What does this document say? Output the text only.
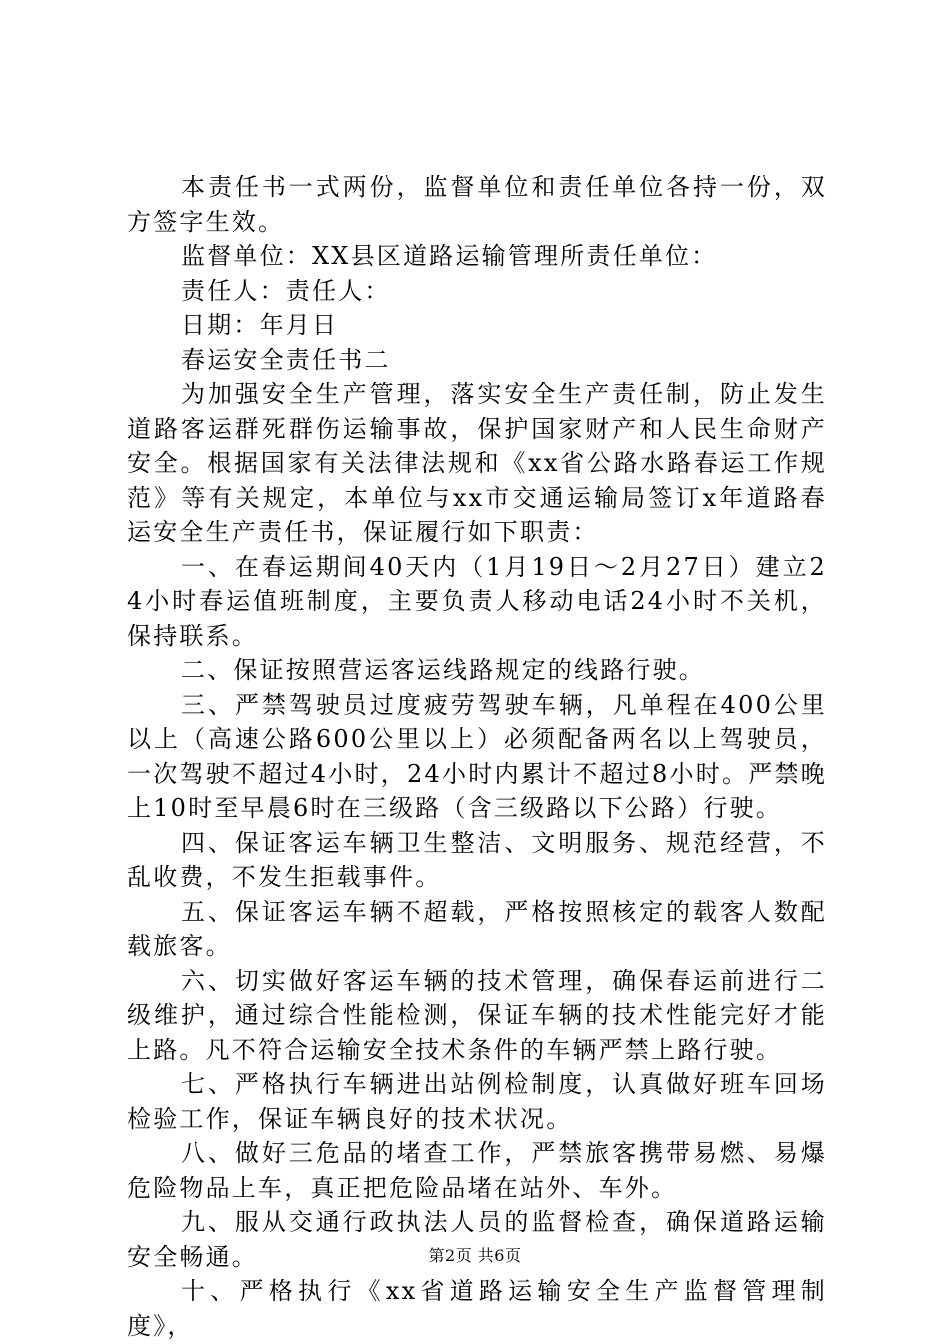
本责任书一式两份，监督单位和责任单位各持一份，双方签字生效。

监督单位：XX县区道路运输管理所责任单位：

责任人：责任人：

日期：年月日

春运安全责任书二

为加强安全生产管理，落实安全生产责任制，防止发生道路客运群死群伤运输事故，保护国家财产和人民生命财产安全。根据国家有关法律法规和《xx省公路水路春运工作规范》等有关规定，本单位与xx市交通运输局签订x年道路春运安全生产责任书，保证履行如下职责：

一、在春运期间40天内（1月19日～2月27日）建立24小时春运值班制度，主要负责人移动电话24小时不关机，保持联系。

二、保证按照营运客运线路规定的线路行驶。

三、严禁驾驶员过度疲劳驾驶车辆，凡单程在400公里以上（高速公路600公里以上）必须配备两名以上驾驶员，一次驾驶不超过4小时，24小时内累计不超过8小时。严禁晚上10时至早晨6时在三级路（含三级路以下公路）行驶。

四、保证客运车辆卫生整洁、文明服务、规范经营，不乱收费，不发生拒载事件。

五、保证客运车辆不超载，严格按照核定的载客人数配载旅客。

六、切实做好客运车辆的技术管理，确保春运前进行二级维护，通过综合性能检测，保证车辆的技术性能完好才能上路。凡不符合运输安全技术条件的车辆严禁上路行驶。

七、严格执行车辆进出站例检制度，认真做好班车回场检验工作，保证车辆良好的技术状况。

八、做好三危品的堵查工作，严禁旅客携带易燃、易爆危险物品上车，真正把危险品堵在站外、车外。

九、服从交通行政执法人员的监督检查，确保道路运输安全畅通。

十、严格执行《xx省道路运输安全生产监督管理制度》，

第2页 共6页
